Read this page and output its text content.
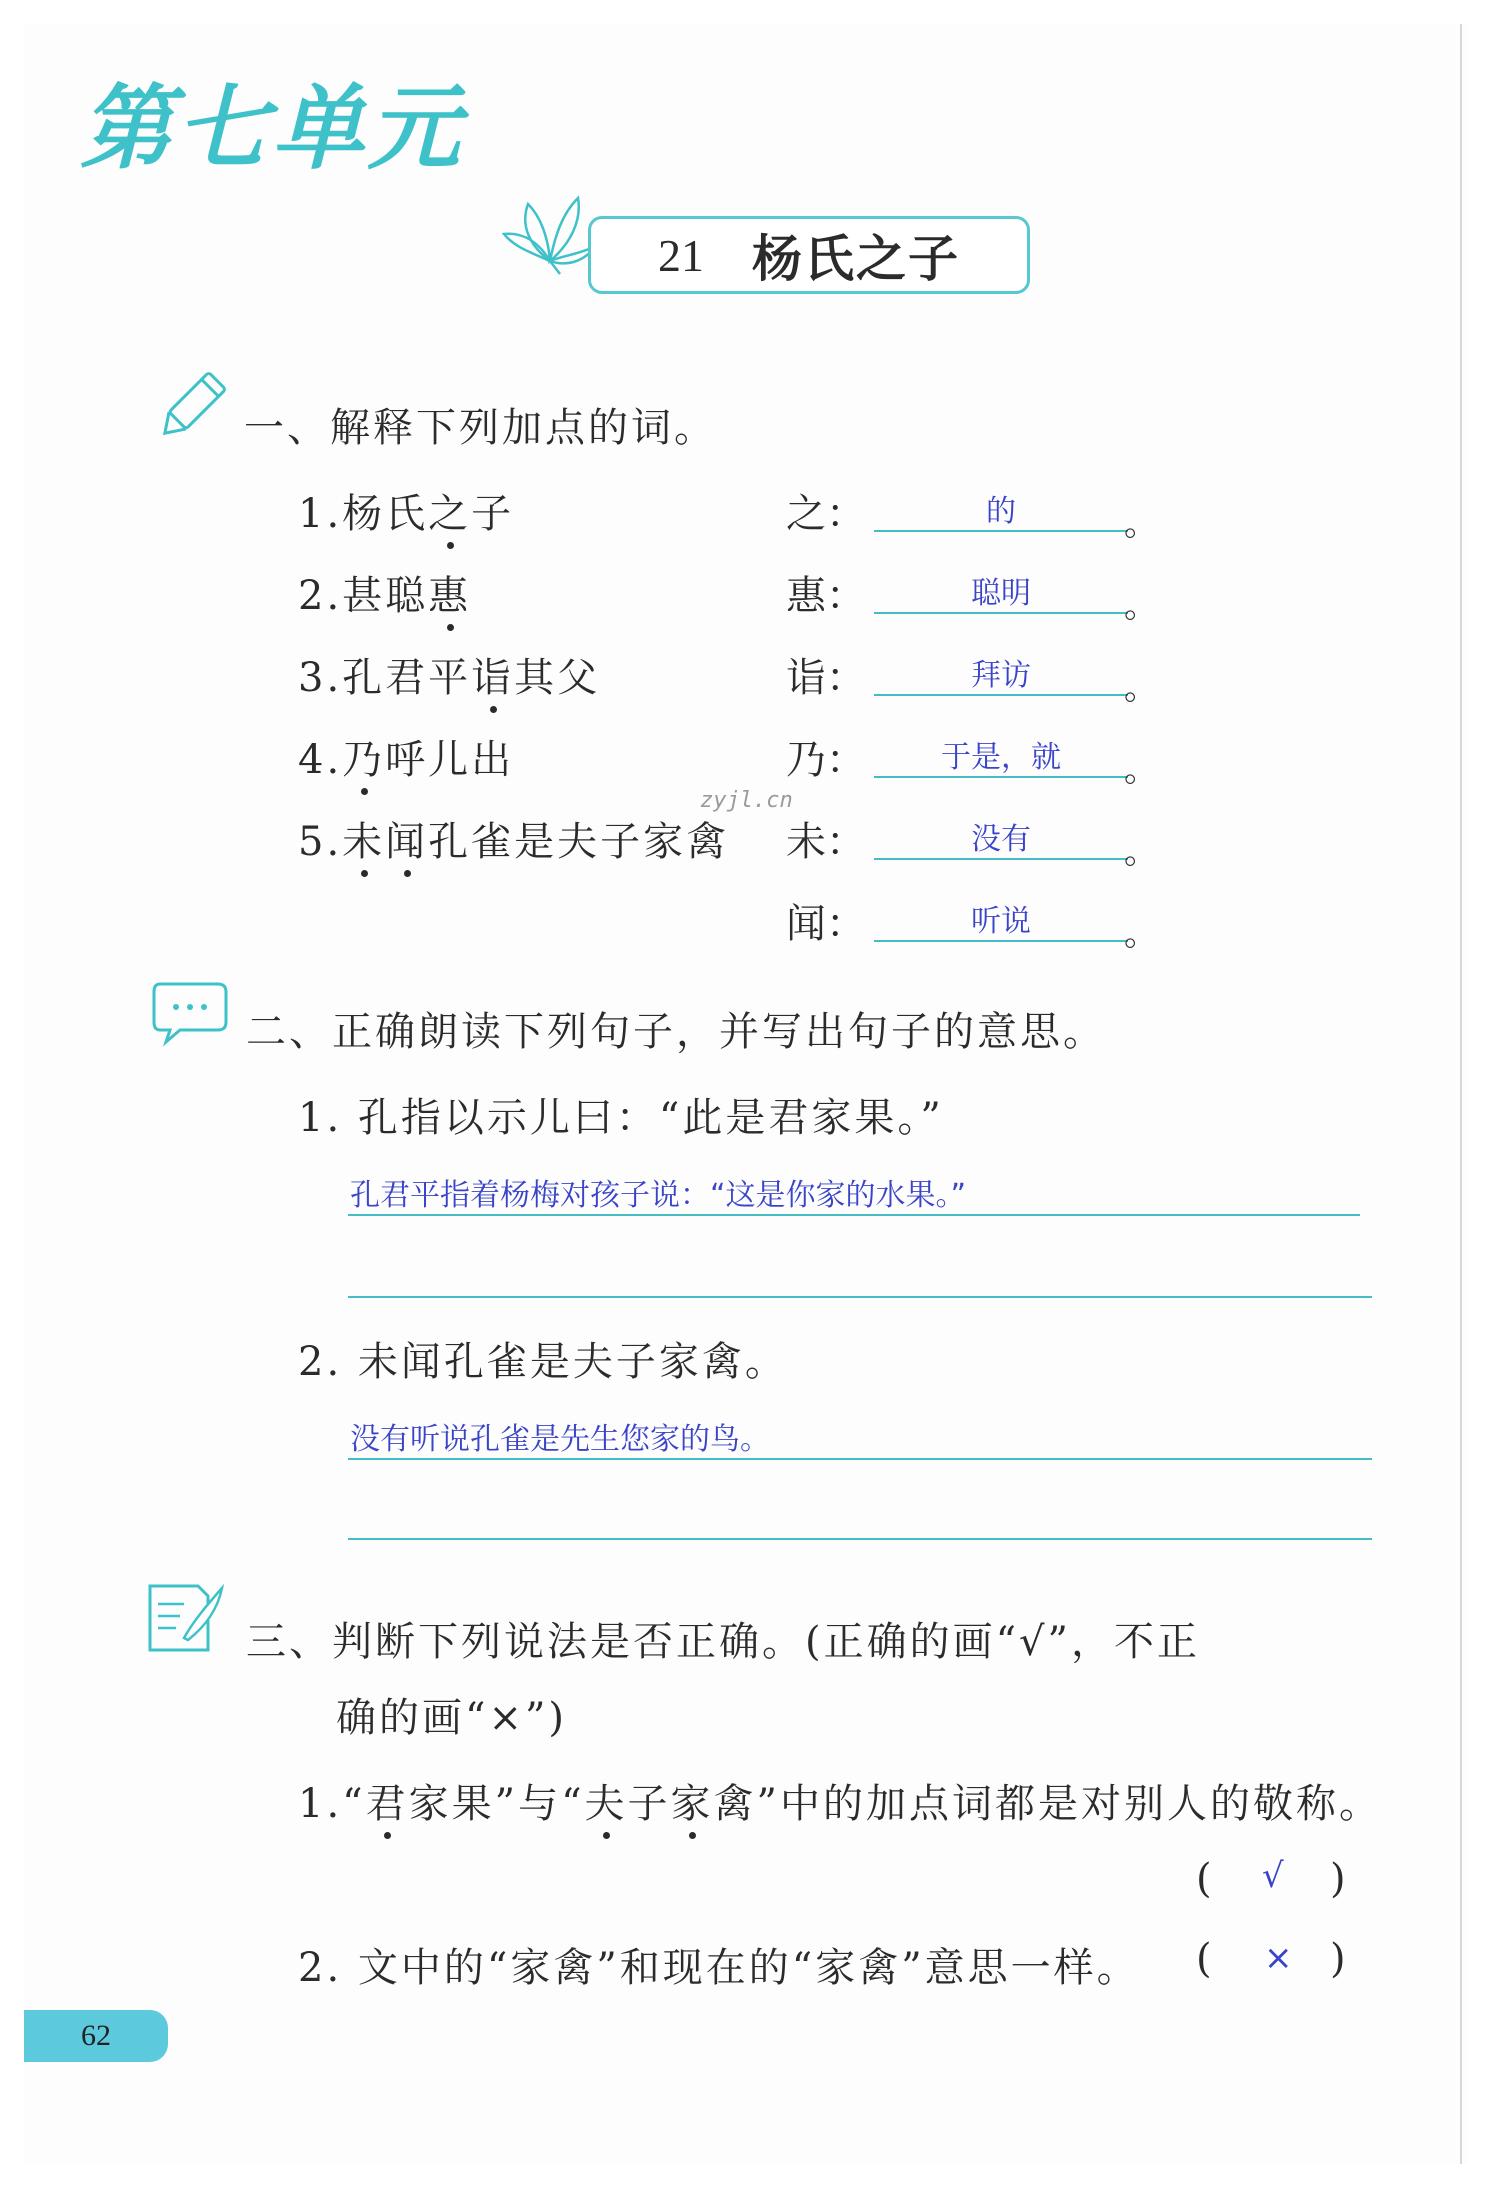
第七单元
21 杨氏之子
一、解释下列加点的词。
1.杨氏之子	之：	的	。
2.甚聪惠	惠：	聪明	。
3.孔君平诣其父	诣：	拜访	。
4.乃呼儿出	乃：	于是，就	。
zyjl.cn
5.未闻孔雀是夫子家禽 未：	没有	。
闻：	听说	。
二、正确朗读下列句子，并写出句子的意思。
1. 孔指以示儿曰：“此是君家果。”
孔君平指着杨梅对孩子说：“这是你家的水果。”
2. 未闻孔雀是夫子家禽。
没有听说孔雀是先生您家的鸟。
三、判断下列说法是否正确。(正确的画“√”，不正
确的画“×”)
1.“君家果”与“夫子家禽”中的加点词都是对别人的敬称。
( √ )
2. 文中的“家禽”和现在的“家禽”意思一样。 ( × )
62
